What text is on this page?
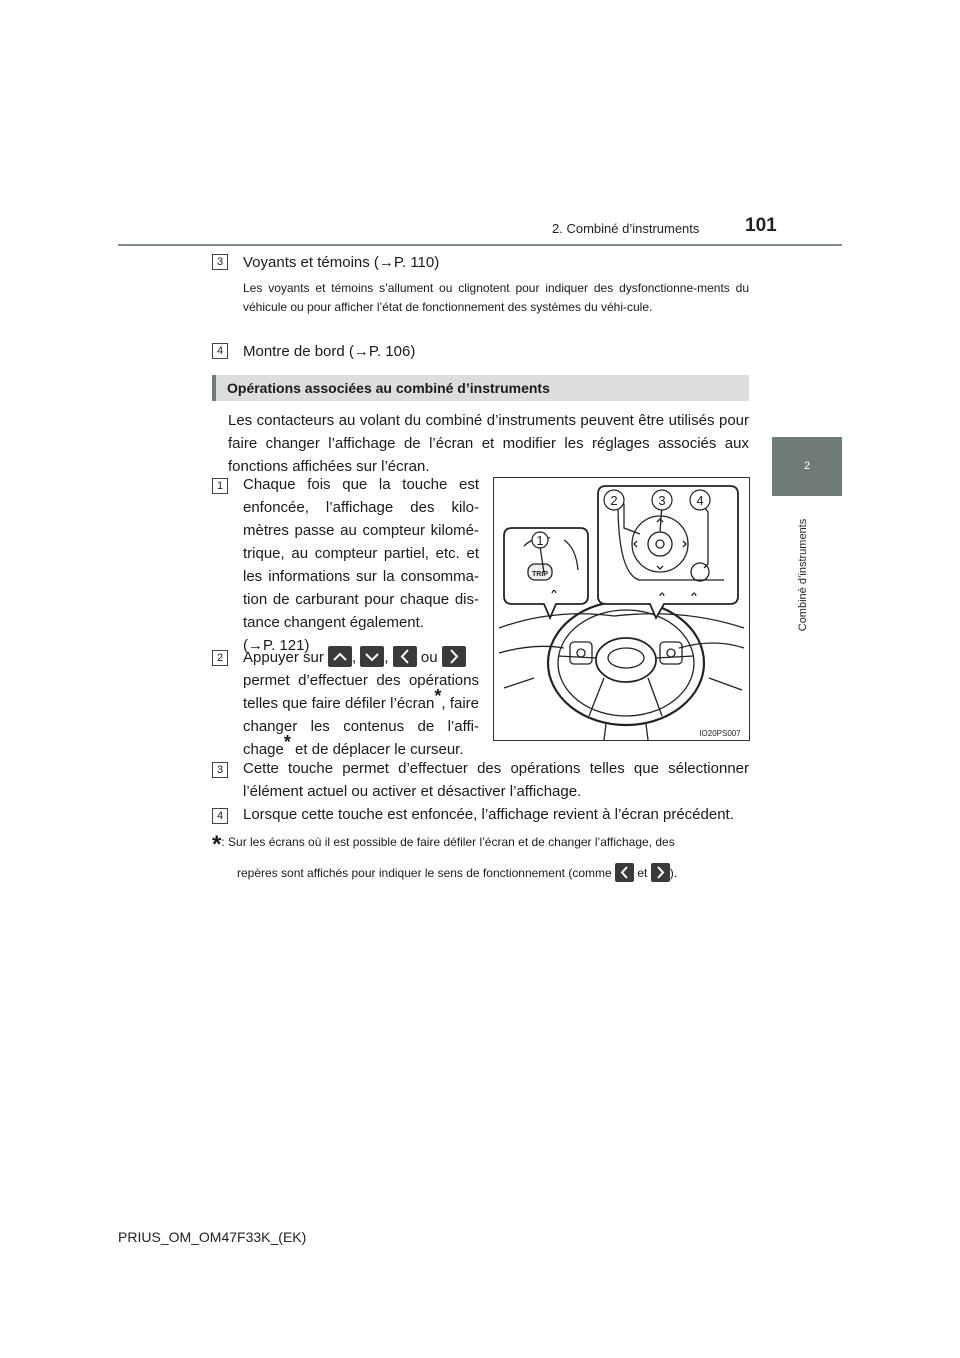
2. Combiné d’instruments 101
2
Combiné d’instruments
3	Voyants et témoins (→P. 110)
Les voyants et témoins s’allument ou clignotent pour indiquer des dysfonctionne-ments du véhicule ou pour afficher l’état de fonctionnement des systèmes du véhi-cule.
4	Montre de bord (→P. 106)
Opérations associées au combiné d’instruments
Les contacteurs au volant du combiné d’instruments peuvent être utilisés pour faire changer l’affichage de l’écran et modifier les réglages associés aux fonctions affichées sur l’écran.
1	Chaque fois que la touche est enfoncée, l’affichage des kilo-mètres passe au compteur kilomé-trique, au compteur partiel, etc. et les informations sur la consomma-tion de carburant pour chaque dis-tance changent également.
(→P. 121)
2	Appuyer sur , , ou
permet d’effectuer des opérations telles que faire défiler l’écran*, faire changer les contenus de l’affi-chage* et de déplacer le curseur.
3	Cette touche permet d’effectuer des opérations telles que sélectionner l’élément actuel ou activer et désactiver l’affichage.
4	Lorsque cette touche est enfoncée, l’affichage revient à l’écran précédent.
*: Sur les écrans où il est possible de faire défiler l’écran et de changer l’affichage, des
repères sont affichés pour indiquer le sens de fonctionnement (comme et ).
1
2	3 4
TRIP
IO20PS007
PRIUS_OM_OM47F33K_(EK)
